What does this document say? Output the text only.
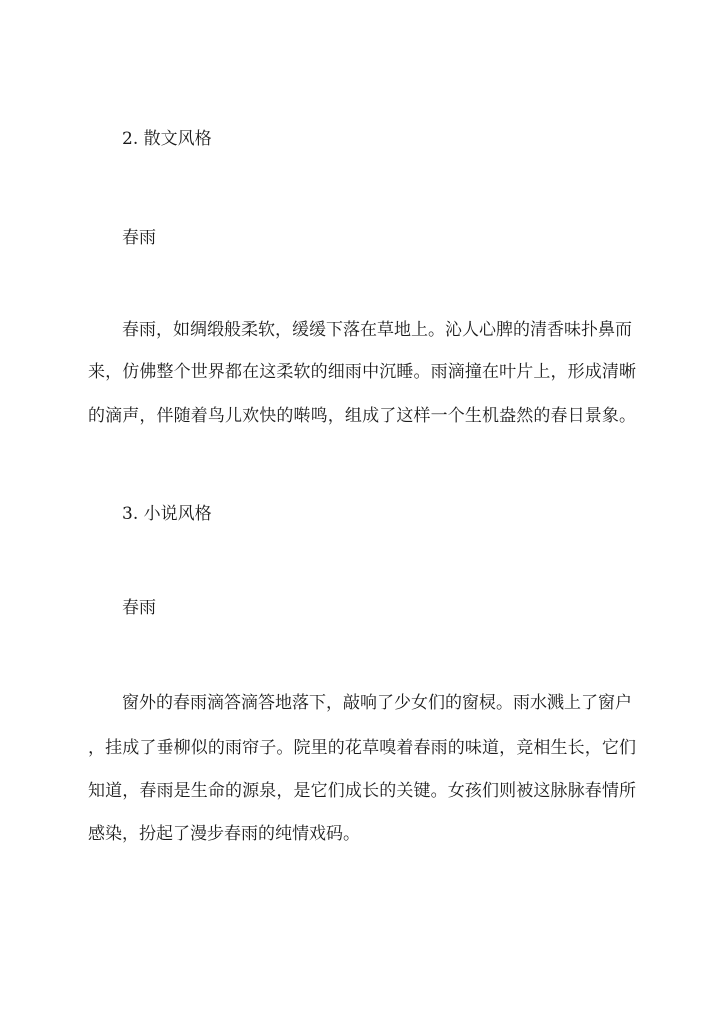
2. 散文风格
春雨
春雨，如绸缎般柔软，缓缓下落在草地上。沁人心脾的清香味扑鼻而
来，仿佛整个世界都在这柔软的细雨中沉睡。雨滴撞在叶片上，形成清晰
的滴声，伴随着鸟儿欢快的啭鸣，组成了这样一个生机盎然的春日景象。
3. 小说风格
春雨
窗外的春雨滴答滴答地落下，敲响了少女们的窗棂。雨水溅上了窗户
，挂成了垂柳似的雨帘子。院里的花草嗅着春雨的味道，竞相生长，它们
知道，春雨是生命的源泉，是它们成长的关键。女孩们则被这脉脉春情所
感染，扮起了漫步春雨的纯情戏码。
